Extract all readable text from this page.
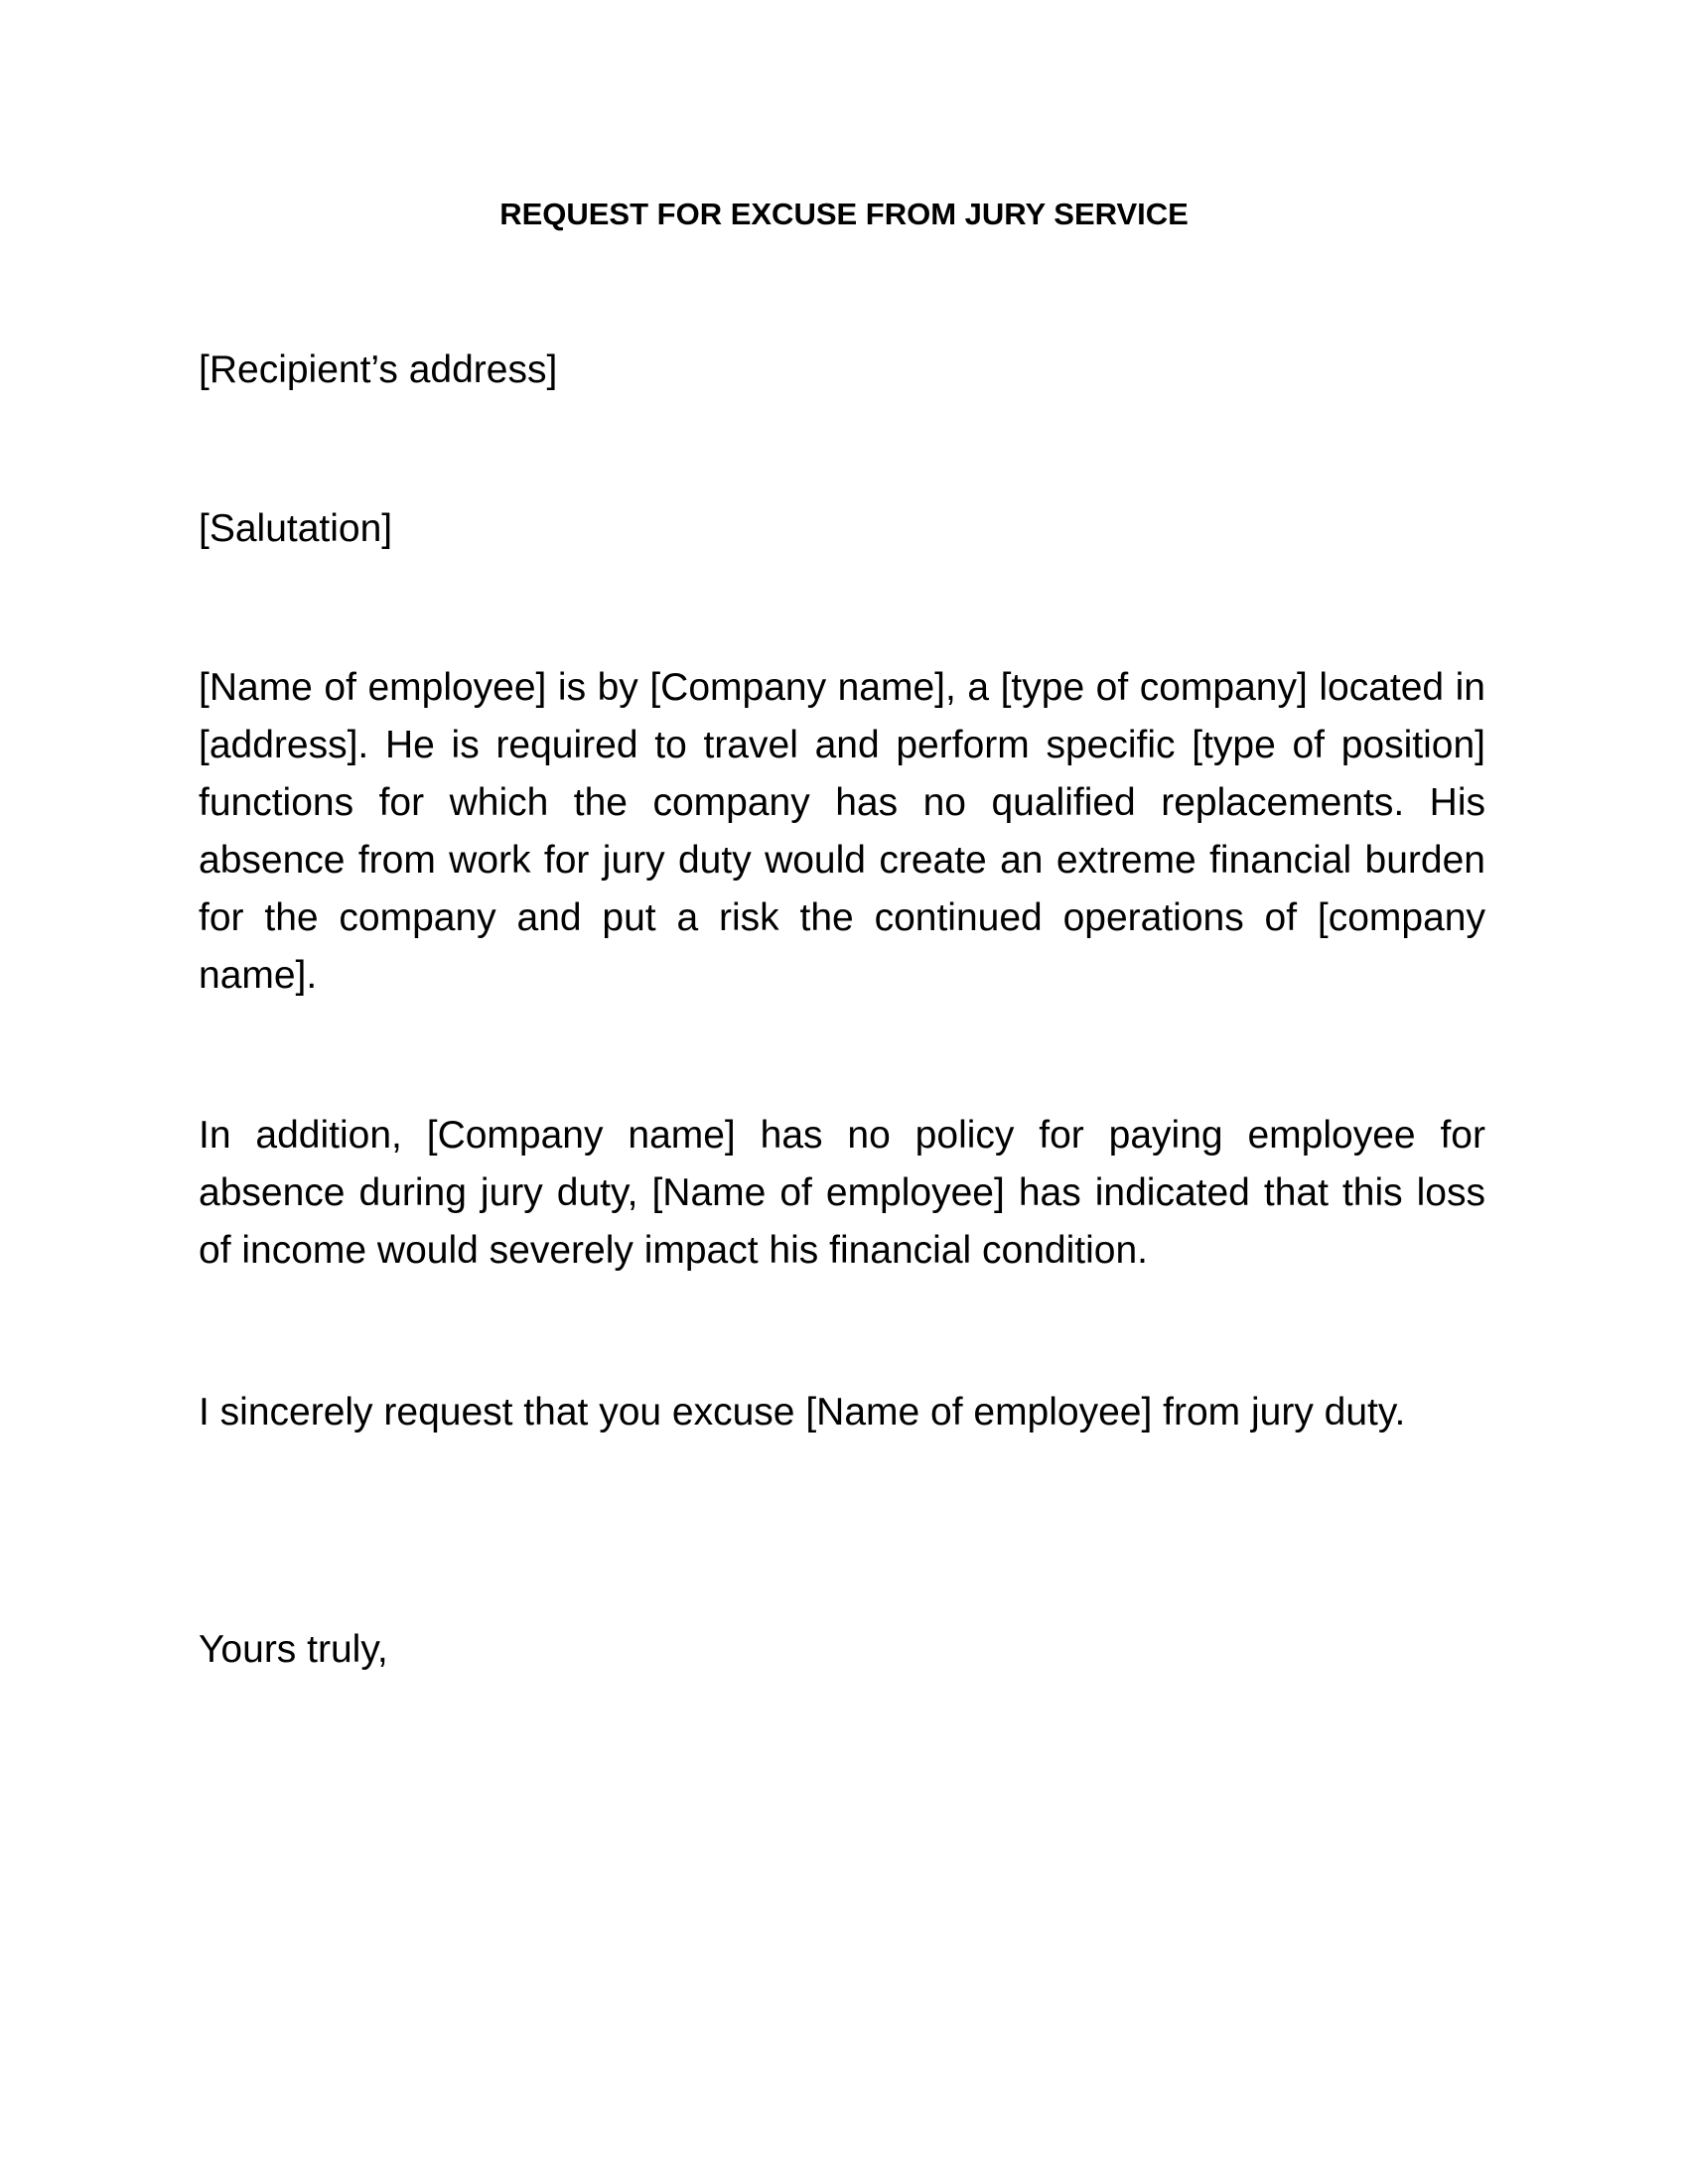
REQUEST FOR EXCUSE FROM JURY SERVICE

[Recipient’s address]

[Salutation]

[Name of employee] is by [Company name], a [type of company] located in [address]. He is required to travel and perform specific [type of position] functions for which the company has no qualified replacements. His absence from work for jury duty would create an extreme financial burden for the company and put a risk the continued operations of [company name].

In addition, [Company name] has no policy for paying employee for absence during jury duty, [Name of employee] has indicated that this loss of income would severely impact his financial condition.

I sincerely request that you excuse [Name of employee] from jury duty.

Yours truly,
